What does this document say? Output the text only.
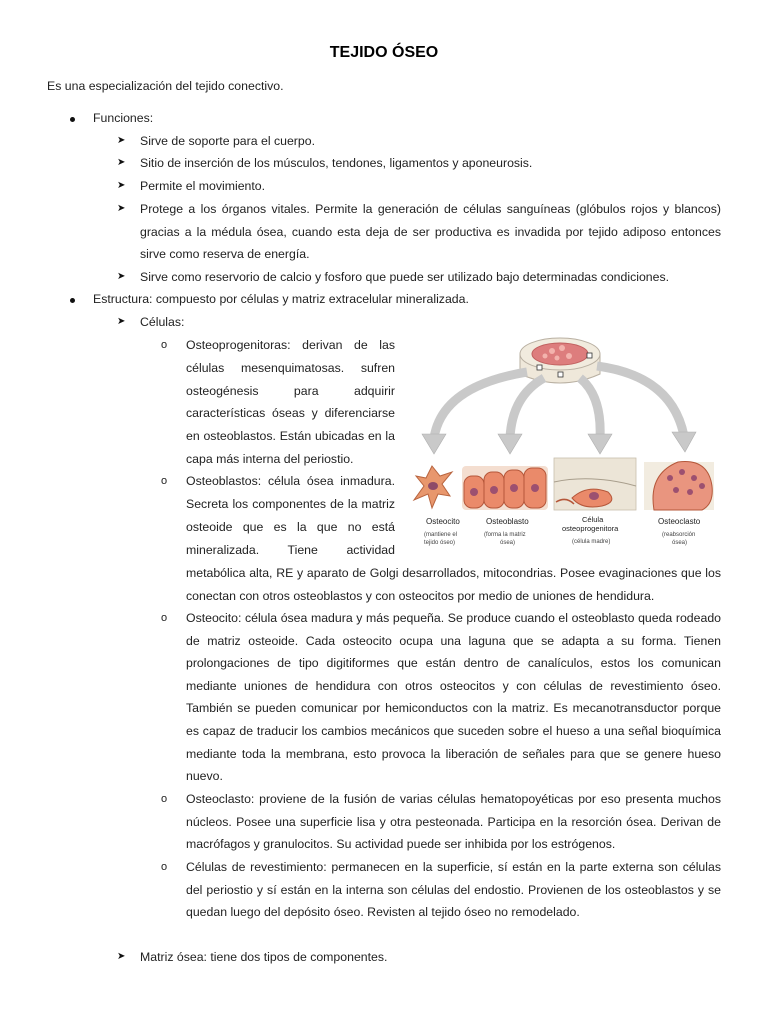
TEJIDO ÓSEO
Es una especialización del tejido conectivo.
Funciones:
➤ Sirve de soporte para el cuerpo.
➤ Sitio de inserción de los músculos, tendones, ligamentos y aponeurosis.
➤ Permite el movimiento.
➤ Protege a los órganos vitales. Permite la generación de células sanguíneas (glóbulos rojos y blancos) gracias a la médula ósea, cuando esta deja de ser productiva es invadida por tejido adiposo entonces sirve como reserva de energía.
➤ Sirve como reservorio de calcio y fosforo que puede ser utilizado bajo determinadas condiciones.
Estructura: compuesto por células y matriz extracelular mineralizada.
➤ Células:
o Osteoprogenitoras: derivan de las
células mesenquimatosas. sufren
osteogénesis para adquirir
características óseas y diferenciarse
en osteoblastos. Están ubicadas en la
capa más interna del periostio.
o Osteoblastos: célula ósea inmadura.
Secreta los componentes de la matriz
osteoide que es la que no está
mineralizada. Tiene actividad
metabólica alta, RE y aparato de Golgi desarrollados, mitocondrias. Posee evaginaciones que los conectan con otros osteoblastos y con osteocitos por medio de uniones de hendidura.
o Osteocito: célula ósea madura y más pequeña. Se produce cuando el osteoblasto queda rodeado de matriz osteoide. Cada osteocito ocupa una laguna que se adapta a su forma. Tienen prolongaciones de tipo digitiformes que están dentro de canalículos, estos los comunican mediante uniones de hendidura con otros osteocitos y con células de revestimiento óseo. También se pueden comunicar por hemiconductos con la matriz. Es mecanotransductor porque es capaz de traducir los cambios mecánicos que suceden sobre el hueso a una señal bioquímica mediante toda la membrana, esto provoca la liberación de señales para que se genere hueso nuevo.
o Osteoclasto: proviene de la fusión de varias células hematopoyéticas por eso presenta muchos núcleos. Posee una superficie lisa y otra pesteonada. Participa en la resorción ósea. Derivan de macrófagos y granulocitos. Su actividad puede ser inhibida por los estrógenos.
o Células de revestimiento: permanecen en la superficie, sí están en la parte externa son células del periostio y sí están en la interna son células del endostio. Provienen de los osteoblastos y se quedan luego del depósito óseo. Revisten al tejido óseo no remodelado.
➤ Matriz ósea: tiene dos tipos de componentes.
Osteocito
(mantiene el
tejido óseo)
Osteoblasto
(forma la matriz
ósea)
Célula
osteoprogenitora
(célula madre)
Osteoclasto
(reabsorción
ósea)
